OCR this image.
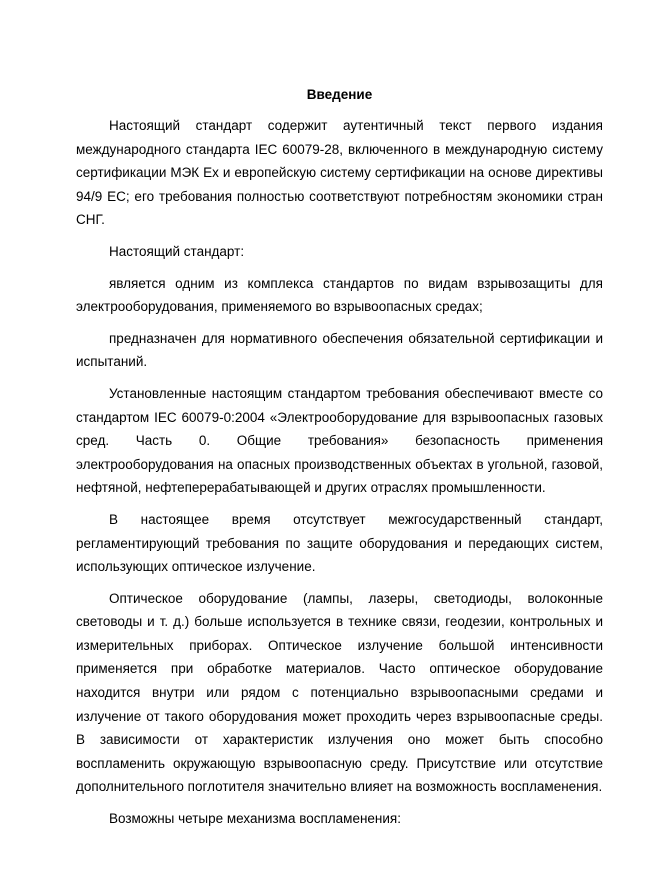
Введение

Настоящий стандарт содержит аутентичный текст первого издания международного стандарта IEC 60079-28, включенного в международную систему сертификации МЭК Ex и европейскую систему сертификации на основе директивы 94/9 ЕС; его требования полностью соответствуют потребностям экономики стран СНГ.

Настоящий стандарт:

является одним из комплекса стандартов по видам взрывозащиты для электрооборудования, применяемого во взрывоопасных средах;

предназначен для нормативного обеспечения обязательной сертификации и испытаний.

Установленные настоящим стандартом требования обеспечивают вместе со стандартом IEC 60079-0:2004 «Электрооборудование для взрывоопасных газовых сред. Часть 0. Общие требования» безопасность применения электрооборудования на опасных производственных объектах в угольной, газовой, нефтяной, нефтеперерабатывающей и других отраслях промышленности.

В настоящее время отсутствует межгосударственный стандарт, регламентирующий требования по защите оборудования и передающих систем, использующих оптическое излучение.

Оптическое оборудование (лампы, лазеры, светодиоды, волоконные световоды и т. д.) больше используется в технике связи, геодезии, контрольных и измерительных приборах. Оптическое излучение большой интенсивности применяется при обработке материалов. Часто оптическое оборудование находится внутри или рядом с потенциально взрывоопасными средами и излучение от такого оборудования может проходить через взрывоопасные среды. В зависимости от характеристик излучения оно может быть способно воспламенить окружающую взрывоопасную среду. Присутствие или отсутствие дополнительного поглотителя значительно влияет на возможность воспламенения.

Возможны четыре механизма воспламенения:
